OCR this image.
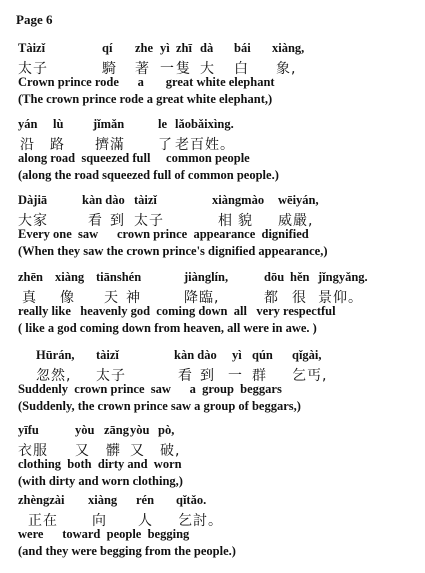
Page 6
Tàizǐ	qí zhe yì zhī dà bái xiàng,
太子	騎 著 一 隻 大 白 象,
Crown prince rode      a       great white elephant
(The crown prince rode a great white elephant,)
yán lù jǐmǎn	le lǎobǎixìng.
沿 路 擠滿 了 老百姓。
along road  squeezed full     common people
(along the road squeezed full of common people.)
Dàjiā	kàn dào tàizǐ	xiàngmào wēiyán,
大家	看 到 太子	相 貌 威嚴,
Every one  saw      crown prince  appearance  dignified
(When they saw the crown prince's dignified appearance,)
zhēn xiàng tiānshén	jiànglín,	dōu hěn jǐngyǎng.
真 像 天 神	降臨,	都 很 景仰。
really like   heavenly god  coming down  all   very respectful
( like a god coming down from heaven, all were in awe. )
Hūrán, tàizǐ	kàn dào yì qún qǐgài,
忽然, 太子	看 到 一 群 乞丐,
Suddenly  crown prince  saw      a  group  beggars
(Suddenly, the crown prince saw a group of beggars,)
yīfu	yòu zāng yòu pò,
衣服 又 髒 又 破,
clothing  both  dirty and  worn
(with dirty and worn clothing,)
zhèngzài xiàng rén qǐtǎo.
正在 向 人 乞討。
were      toward  people  begging
(and they were begging from the people.)
